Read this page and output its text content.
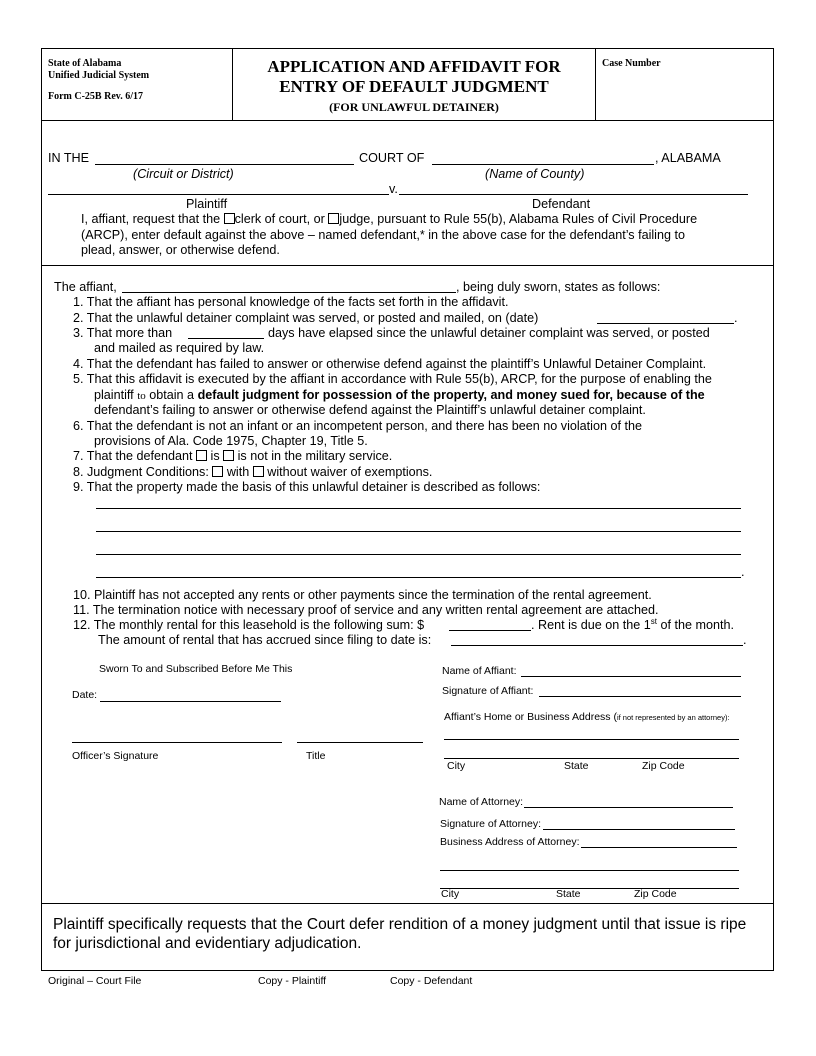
State of Alabama
Unified Judicial System
Form C-25B Rev. 6/17
APPLICATION AND AFFIDAVIT FOR
ENTRY OF DEFAULT JUDGMENT
(FOR UNLAWFUL DETAINER)
Case Number
IN THE	COURT OF	, ALABAMA
(Circuit or District)	(Name of County)
v.
Plaintiff	Defendant
I, affiant, request that the clerk of court, or judge, pursuant to Rule 55(b), Alabama Rules of Civil Procedure
(ARCP), enter default against the above – named defendant,* in the above case for the defendant’s failing to
plead, answer, or otherwise defend.
The affiant,	, being duly sworn, states as follows:
1. That the affiant has personal knowledge of the facts set forth in the affidavit.
2. That the unlawful detainer complaint was served, or posted and mailed, on (date)	.
3. That more than	days have elapsed since the unlawful detainer complaint was served, or posted
and mailed as required by law.
4. That the defendant has failed to answer or otherwise defend against the plaintiff’s Unlawful Detainer Complaint.
5. That this affidavit is executed by the affiant in accordance with Rule 55(b), ARCP, for the purpose of enabling the
plaintiff to obtain a default judgment for possession of the property, and money sued for, because of the
defendant’s failing to answer or otherwise defend against the Plaintiff’s unlawful detainer complaint.
6. That the defendant is not an infant or an incompetent person, and there has been no violation of the
provisions of Ala. Code 1975, Chapter 19, Title 5.
7. That the defendant is is not in the military service.
8. Judgment Conditions: with without waiver of exemptions.
9. That the property made the basis of this unlawful detainer is described as follows:
.
10. Plaintiff has not accepted any rents or other payments since the termination of the rental agreement.
11. The termination notice with necessary proof of service and any written rental agreement are attached.
12. The monthly rental for this leasehold is the following sum: $	. Rent is due on the 1st of the month.
The amount of rental that has accrued since filing to date is:	.
Sworn To and Subscribed Before Me This
Date:
Officer’s Signature	Title
Name of Affiant:
Signature of Affiant:
Affiant’s Home or Business Address (if not represented by an attorney):
City	State	Zip Code
Name of Attorney:
Signature of Attorney:
Business Address of Attorney:
City	State	Zip Code
Plaintiff specifically requests that the Court defer rendition of a money judgment until that issue is ripe
for jurisdictional and evidentiary adjudication.
Original – Court File	Copy - Plaintiff	Copy - Defendant
